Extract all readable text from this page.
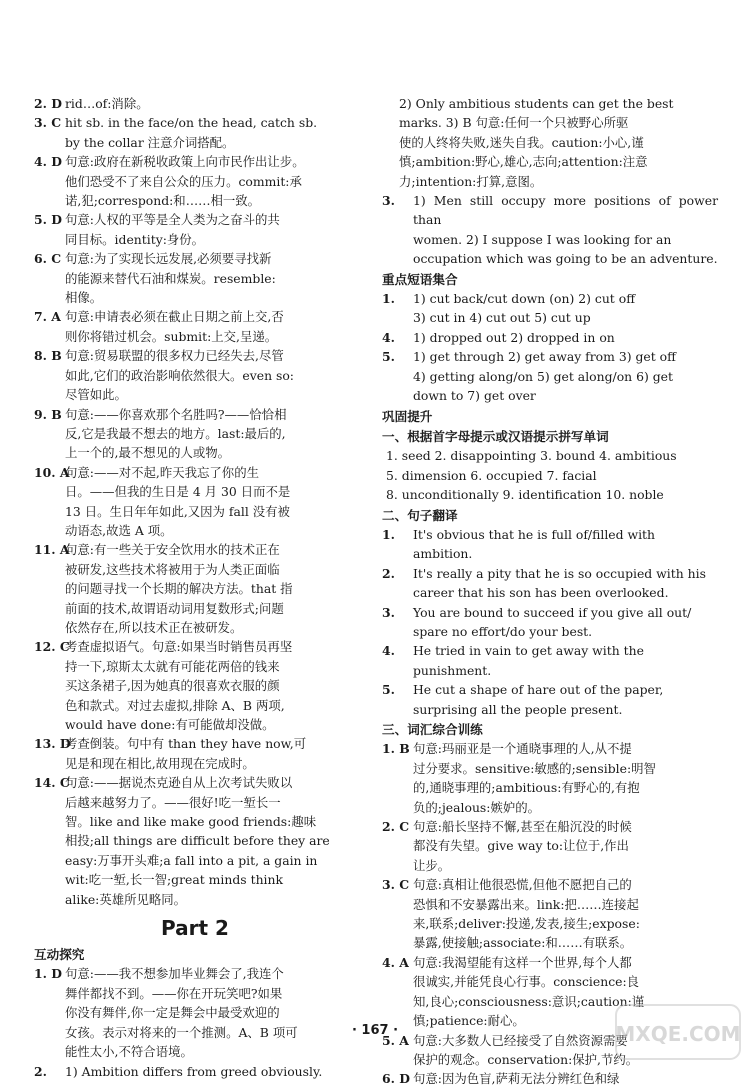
2. D rid…of:消除。
3. C hit sb. in the face/on the head, catch sb.
by the collar 注意介词搭配。
4. D 句意:政府在新税收政策上向市民作出让步。
他们恐受不了来自公众的压力。commit:承
诺,犯;correspond:和……相一致。
5. D 句意:人权的平等是全人类为之奋斗的共
同目标。identity:身份。
6. C 句意:为了实现长远发展,必须要寻找新
的能源来替代石油和煤炭。resemble:
相像。
7. A 句意:申请表必须在截止日期之前上交,否
则你将错过机会。submit:上交,呈递。
8. B 句意:贸易联盟的很多权力已经失去,尽管
如此,它们的政治影响依然很大。even so:
尽管如此。
9. B 句意:——你喜欢那个名胜吗?——恰恰相
反,它是我最不想去的地方。last:最后的,
上一个的,最不想见的人或物。
10. A
句意:——对不起,昨天我忘了你的生
日。——但我的生日是 4 月 30 日而不是
13 日。生日年年如此,又因为 fall 没有被
动语态,故选 A 项。
11. A
句意:有一些关于安全饮用水的技术正在
被研发,这些技术将被用于为人类正面临
的问题寻找一个长期的解决方法。that 指
前面的技术,故谓语动词用复数形式;问题
依然存在,所以技术正在被研发。
12. C
考查虚拟语气。句意:如果当时销售员再坚
持一下,琼斯太太就有可能花两倍的钱来
买这条裙子,因为她真的很喜欢衣服的颜
色和款式。对过去虚拟,排除 A、B 两项,
would have done:有可能做却没做。
13. D
考查倒装。句中有 than they have now,可
见是和现在相比,故用现在完成时。
14. C
句意:——据说杰克逊自从上次考试失败以
后越来越努力了。——很好!吃一堑长一
智。like and like make good friends:趣味
相投;all things are difficult before they are
easy:万事开头难;a fall into a pit, a gain in
wit:吃一堑,长一智;great minds think
alike:英雄所见略同。
Part 2
互动探究
1. D 句意:——我不想参加毕业舞会了,我连个
舞伴都找不到。——你在开玩笑吧?如果
你没有舞伴,你一定是舞会中最受欢迎的
女孩。表示对将来的一个推测。A、B 项可
能性太小,不符合语境。
2. 1) Ambition differs from greed obviously.
2) Only ambitious students can get the best
marks. 3) B 句意:任何一个只被野心所驱
使的人终将失败,迷失自我。caution:小心,谨
慎;ambition:野心,雄心,志向;attention:注意
力;intention:打算,意图。
3. 1) Men still occupy more positions of power than
women. 2) I suppose I was looking for an
occupation which was going to be an adventure.
重点短语集合
1. 1) cut back/cut down (on) 2) cut off
3) cut in 4) cut out 5) cut up
4. 1) dropped out 2) dropped in on
5. 1) get through 2) get away from 3) get off
4) getting along/on 5) get along/on 6) get
down to 7) get over
巩固提升
一、根据首字母提示或汉语提示拼写单词
1. seed 2. disappointing 3. bound 4. ambitious
5. dimension 6. occupied 7. facial
8. unconditionally 9. identification 10. noble
二、句子翻译
1. It's obvious that he is full of/filled with
ambition.
2. It's really a pity that he is so occupied with his
career that his son has been overlooked.
3. You are bound to succeed if you give all out/
spare no effort/do your best.
4. He tried in vain to get away with the
punishment.
5. He cut a shape of hare out of the paper,
surprising all the people present.
三、词汇综合训练
1. B 句意:玛丽亚是一个通晓事理的人,从不提
过分要求。sensitive:敏感的;sensible:明智
的,通晓事理的;ambitious:有野心的,有抱
负的;jealous:嫉妒的。
2. C 句意:船长坚持不懈,甚至在船沉没的时候
都没有失望。give way to:让位于,作出
让步。
3. C 句意:真相让他很恐慌,但他不愿把自己的
恐惧和不安暴露出来。link:把……连接起
来,联系;deliver:投递,发表,接生;expose:
暴露,使接触;associate:和……有联系。
4. A 句意:我渴望能有这样一个世界,每个人都
很诚实,并能凭良心行事。conscience:良
知,良心;consciousness:意识;caution:谨
慎;patience:耐心。
5. A 句意:大多数人已经接受了自然资源需要
保护的观念。conservation:保护,节约。
6. D 句意:因为色盲,萨莉无法分辨红色和绿
· 167 ·	MXQE.COM
